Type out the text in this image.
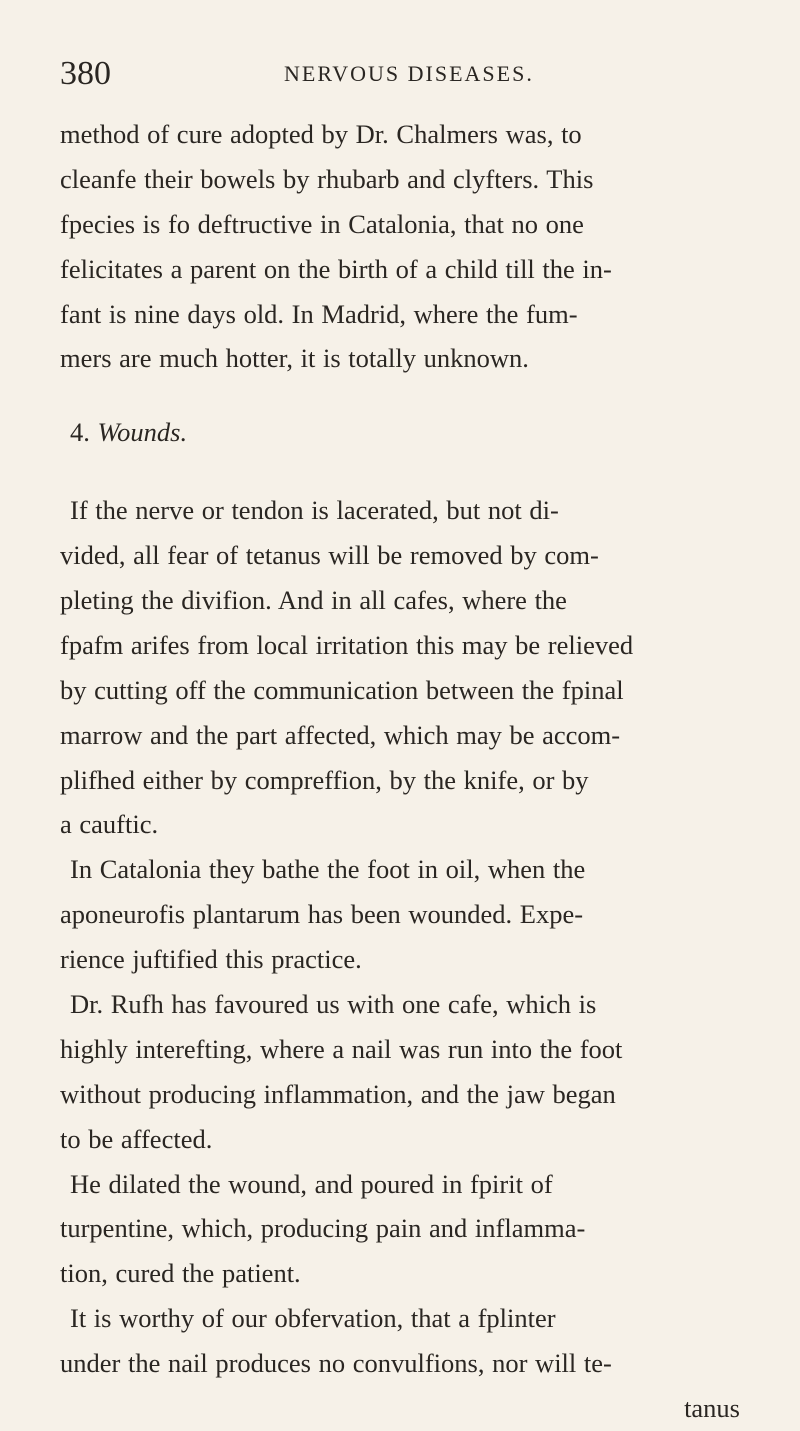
380	NERVOUS DISEASES.
method of cure adopted by Dr. Chalmers was, to
cleanfe their bowels by rhubarb and clyfters. This
fpecies is fo deftructive in Catalonia, that no one
felicitates a parent on the birth of a child till the in-
fant is nine days old. In Madrid, where the fum-
mers are much hotter, it is totally unknown.
4. Wounds.
If the nerve or tendon is lacerated, but not di-
vided, all fear of tetanus will be removed by com-
pleting the divifion. And in all cafes, where the
fpafm arifes from local irritation this may be relieved
by cutting off the communication between the fpinal
marrow and the part affected, which may be accom-
plifhed either by compreffion, by the knife, or by
a cauftic.
In Catalonia they bathe the foot in oil, when the
aponeurofis plantarum has been wounded. Expe-
rience juftified this practice.
Dr. Rufh has favoured us with one cafe, which is
highly interefting, where a nail was run into the foot
without producing inflammation, and the jaw began
to be affected.
He dilated the wound, and poured in fpirit of
turpentine, which, producing pain and inflamma-
tion, cured the patient.
It is worthy of our obfervation, that a fplinter
under the nail produces no convulfions, nor will te-
tanus
